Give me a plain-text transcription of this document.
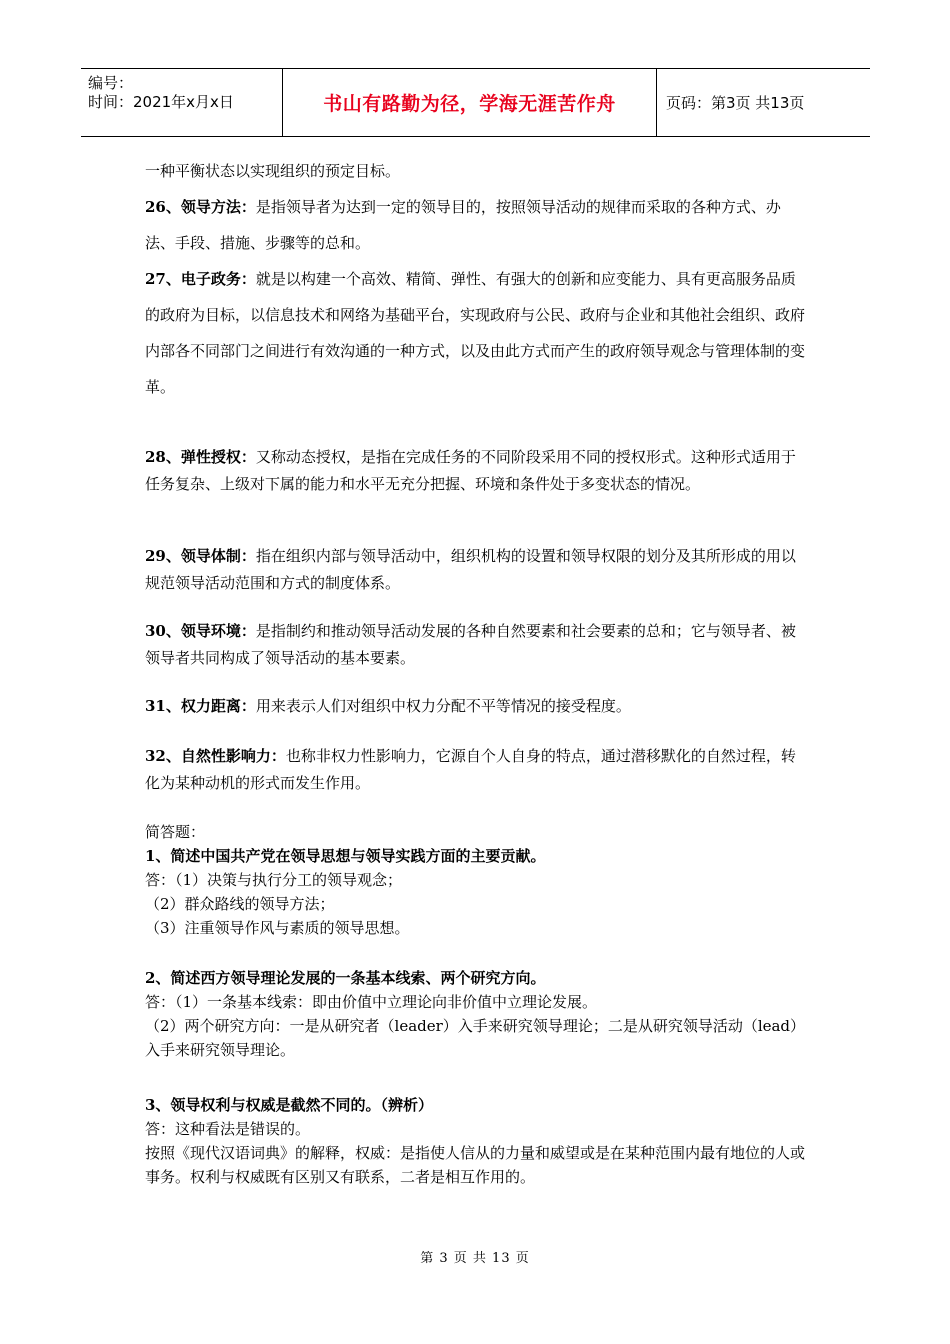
编号：
时间：2021年x月x日	书山有路勤为径，学海无涯苦作舟	页码：第3页 共13页

一种平衡状态以实现组织的预定目标。

26、领导方法：是指领导者为达到一定的领导目的，按照领导活动的规律而采取的各种方式、办法、手段、措施、步骤等的总和。

27、电子政务：就是以构建一个高效、精简、弹性、有强大的创新和应变能力、具有更高服务品质的政府为目标，以信息技术和网络为基础平台，实现政府与公民、政府与企业和其他社会组织、政府内部各不同部门之间进行有效沟通的一种方式，以及由此方式而产生的政府领导观念与管理体制的变革。

28、弹性授权：又称动态授权，是指在完成任务的不同阶段采用不同的授权形式。这种形式适用于任务复杂、上级对下属的能力和水平无充分把握、环境和条件处于多变状态的情况。

29、领导体制：指在组织内部与领导活动中，组织机构的设置和领导权限的划分及其所形成的用以规范领导活动范围和方式的制度体系。

30、领导环境：是指制约和推动领导活动发展的各种自然要素和社会要素的总和；它与领导者、被领导者共同构成了领导活动的基本要素。

31、权力距离：用来表示人们对组织中权力分配不平等情况的接受程度。

32、自然性影响力：也称非权力性影响力，它源自个人自身的特点，通过潜移默化的自然过程，转化为某种动机的形式而发生作用。

简答题：
1、简述中国共产党在领导思想与领导实践方面的主要贡献。
答：（1）决策与执行分工的领导观念；
（2）群众路线的领导方法；
（3）注重领导作风与素质的领导思想。
2、简述西方领导理论发展的一条基本线索、两个研究方向。
答：（1）一条基本线索：即由价值中立理论向非价值中立理论发展。
（2）两个研究方向：一是从研究者（leader）入手来研究领导理论；二是从研究领导活动（lead）入手来研究领导理论。
3、领导权利与权威是截然不同的。（辨析）
答：这种看法是错误的。
按照《现代汉语词典》的解释，权威：是指使人信从的力量和威望或是在某种范围内最有地位的人或事务。权利与权威既有区别又有联系，二者是相互作用的。
第 3 页 共 13 页
